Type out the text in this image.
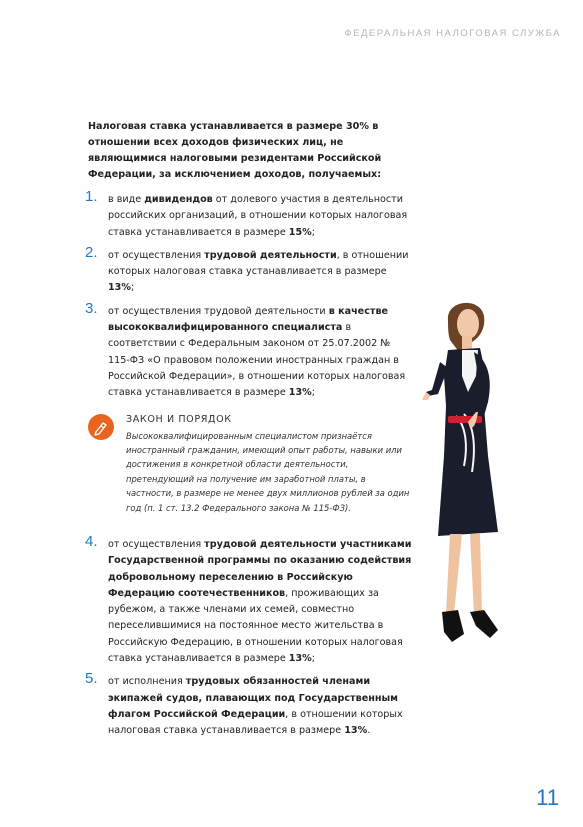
ФЕДЕРАЛЬНАЯ НАЛОГОВАЯ СЛУЖБА

Налоговая ставка устанавливается в размере 30% в отношении всех доходов физических лиц, не являющимися налоговыми резидентами Российской Федерации, за исключением доходов, получаемых:

1. в виде дивидендов от долевого участия в деятельности российских организаций, в отношении которых налоговая ставка устанавливается в размере 15%;
2. от осуществления трудовой деятельности, в отношении которых налоговая ставка устанавливается в размере 13%;
3. от осуществления трудовой деятельности в качестве высококвалифицированного специалиста в соответствии с Федеральным законом от 25.07.2002 № 115-ФЗ «О правовом положении иностранных граждан в Российской Федерации», в отношении которых налоговая ставка устанавливается в размере 13%;
ЗАКОН И ПОРЯДОК
Высококвалифицированным специалистом признаётся иностранный гражданин, имеющий опыт работы, навыки или достижения в конкретной области деятельности, претендующий на получение им заработной платы, в частности, в размере не менее двух миллионов рублей за один год (п. 1 ст. 13.2 Федерального закона № 115-ФЗ).
4. от осуществления трудовой деятельности участниками Государственной программы по оказанию содействия добровольному переселению в Российскую Федерацию соотечественников, проживающих за рубежом, а также членами их семей, совместно переселившимися на постоянное место жительства в Российскую Федерацию, в отношении которых налоговая ставка устанавливается в размере 13%;
5. от исполнения трудовых обязанностей членами экипажей судов, плавающих под Государственным флагом Российской Федерации, в отношении которых налоговая ставка устанавливается в размере 13%.
11
